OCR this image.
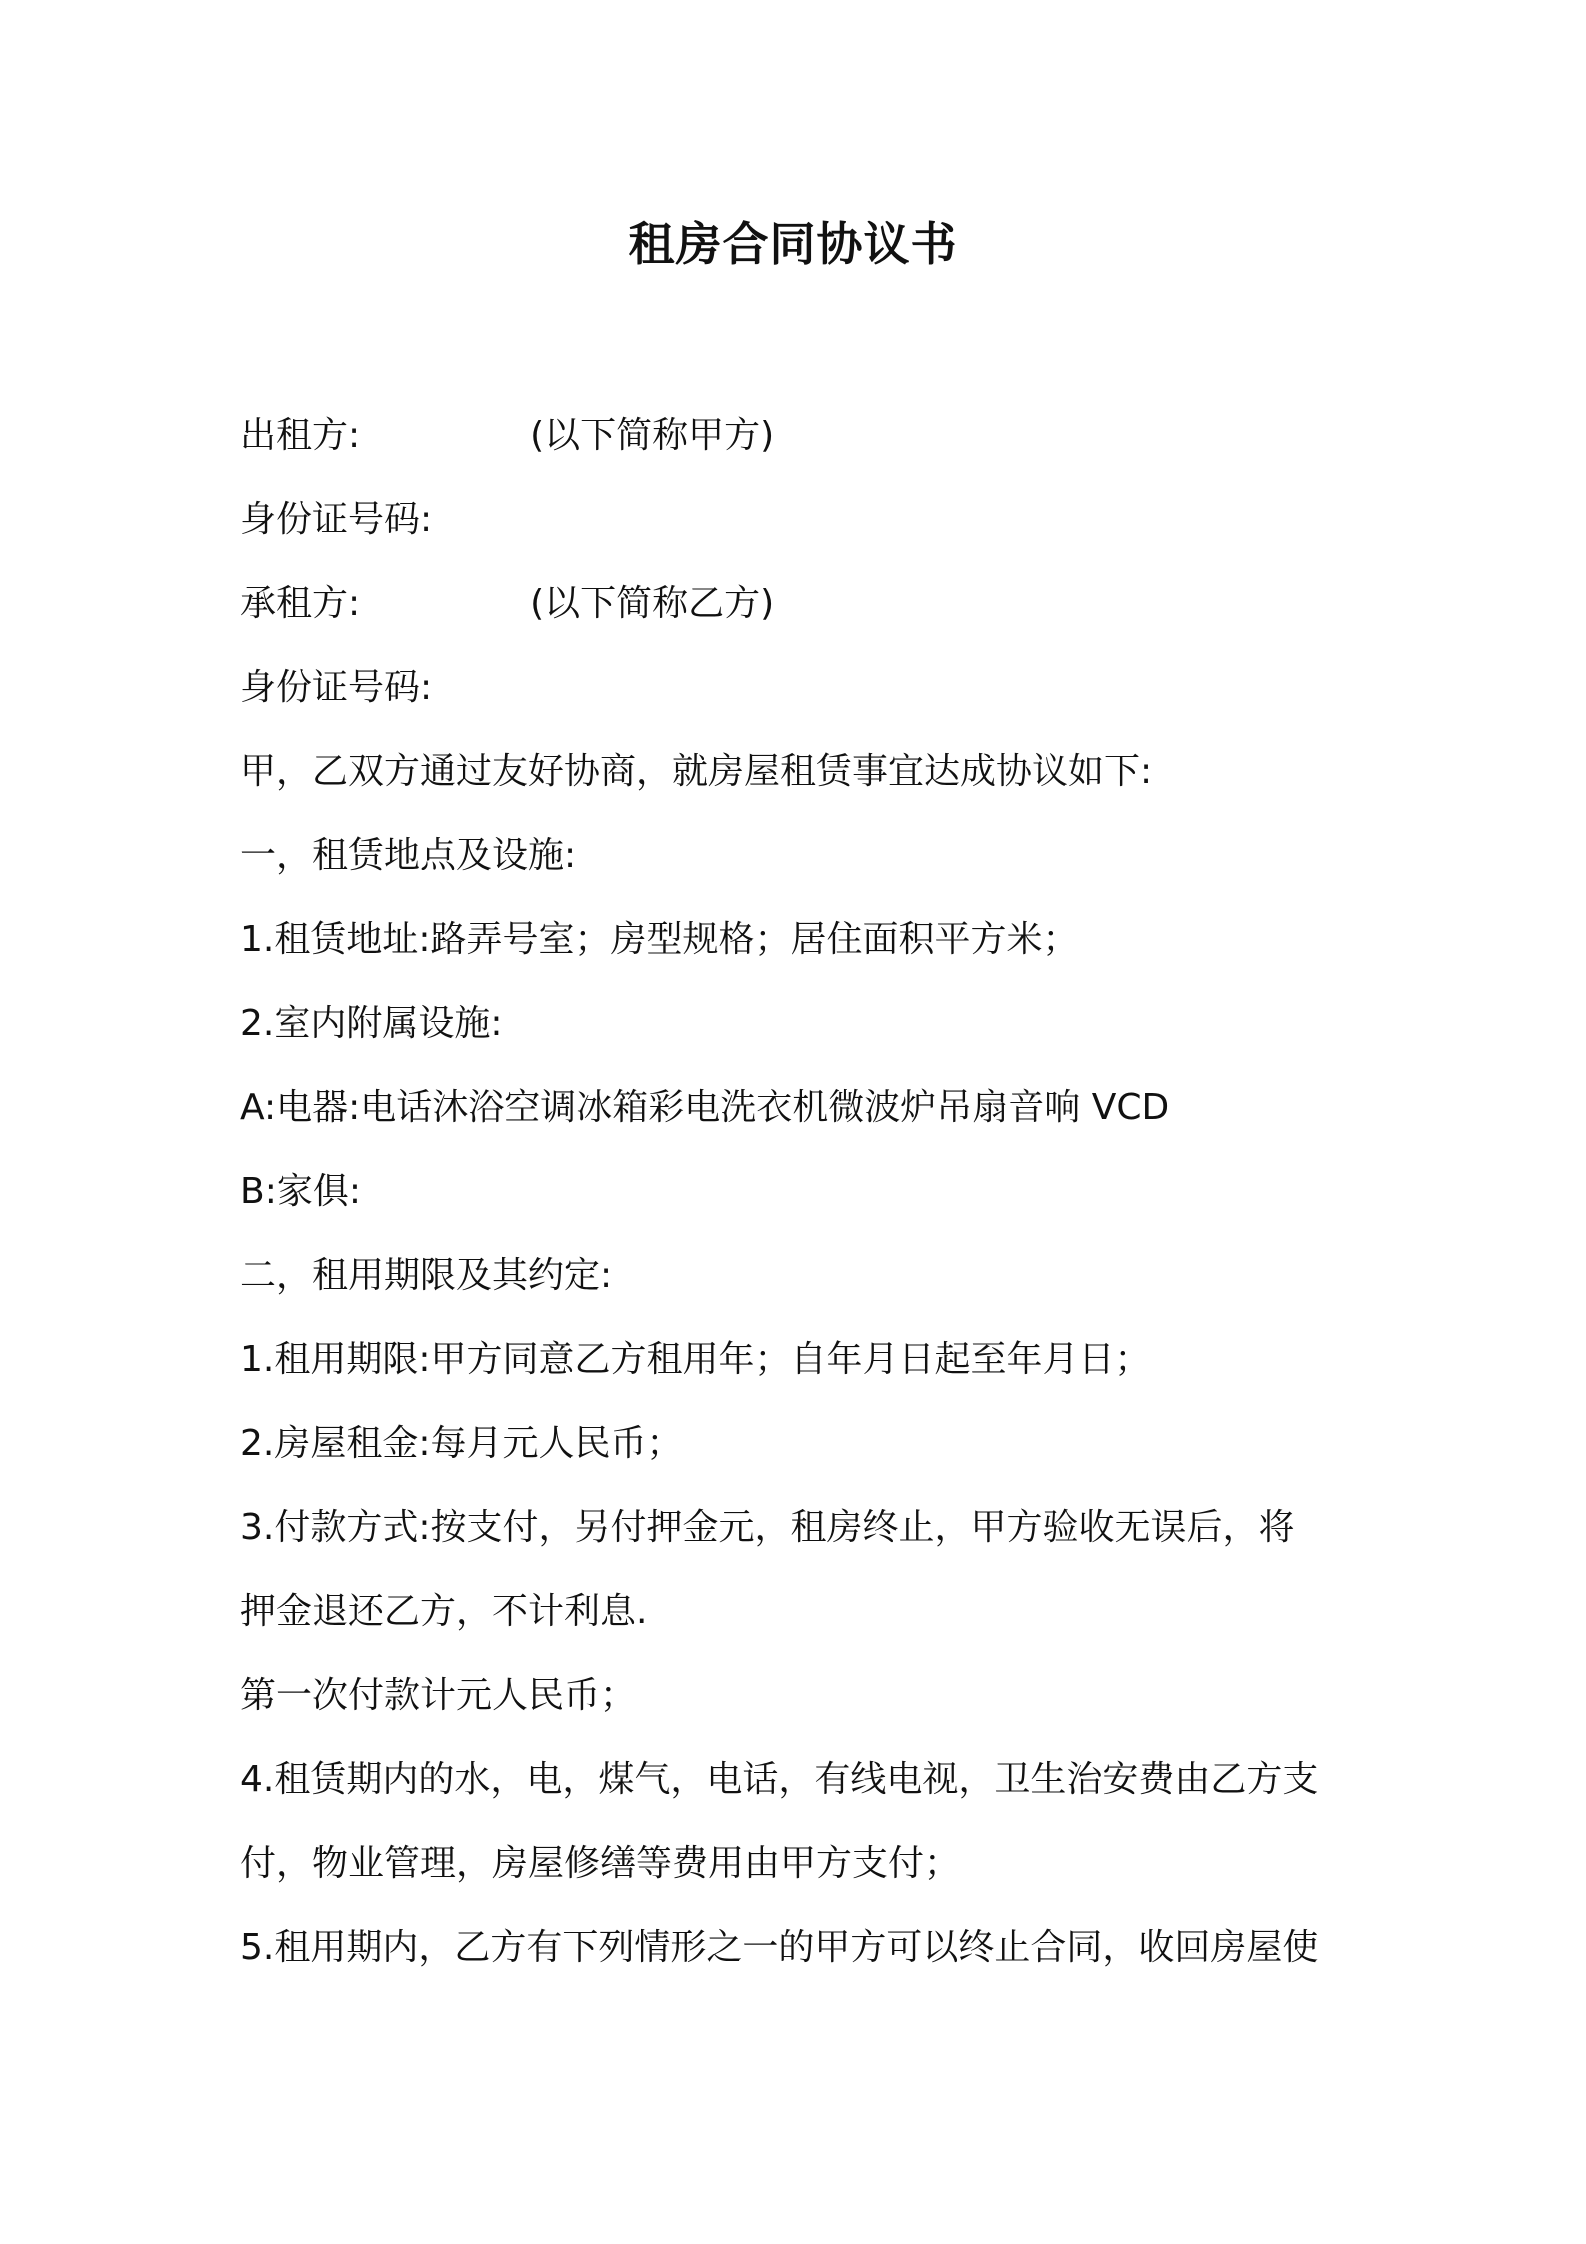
租房合同协议书
出租方:	(以下简称甲方)
身份证号码:
承租方:	(以下简称乙方)
身份证号码:
甲，乙双方通过友好协商，就房屋租赁事宜达成协议如下:
一，租赁地点及设施:
1.租赁地址:路弄号室；房型规格；居住面积平方米；
2.室内附属设施:
A:电器:电话沐浴空调冰箱彩电洗衣机微波炉吊扇音响 VCD
B:家俱:
二，租用期限及其约定:
1.租用期限:甲方同意乙方租用年；自年月日起至年月日；
2.房屋租金:每月元人民币；
3.付款方式:按支付，另付押金元，租房终止，甲方验收无误后，将
押金退还乙方，不计利息.
第一次付款计元人民币；
4.租赁期内的水，电，煤气，电话，有线电视，卫生治安费由乙方支
付，物业管理，房屋修缮等费用由甲方支付；
5.租用期内，乙方有下列情形之一的甲方可以终止合同，收回房屋使
